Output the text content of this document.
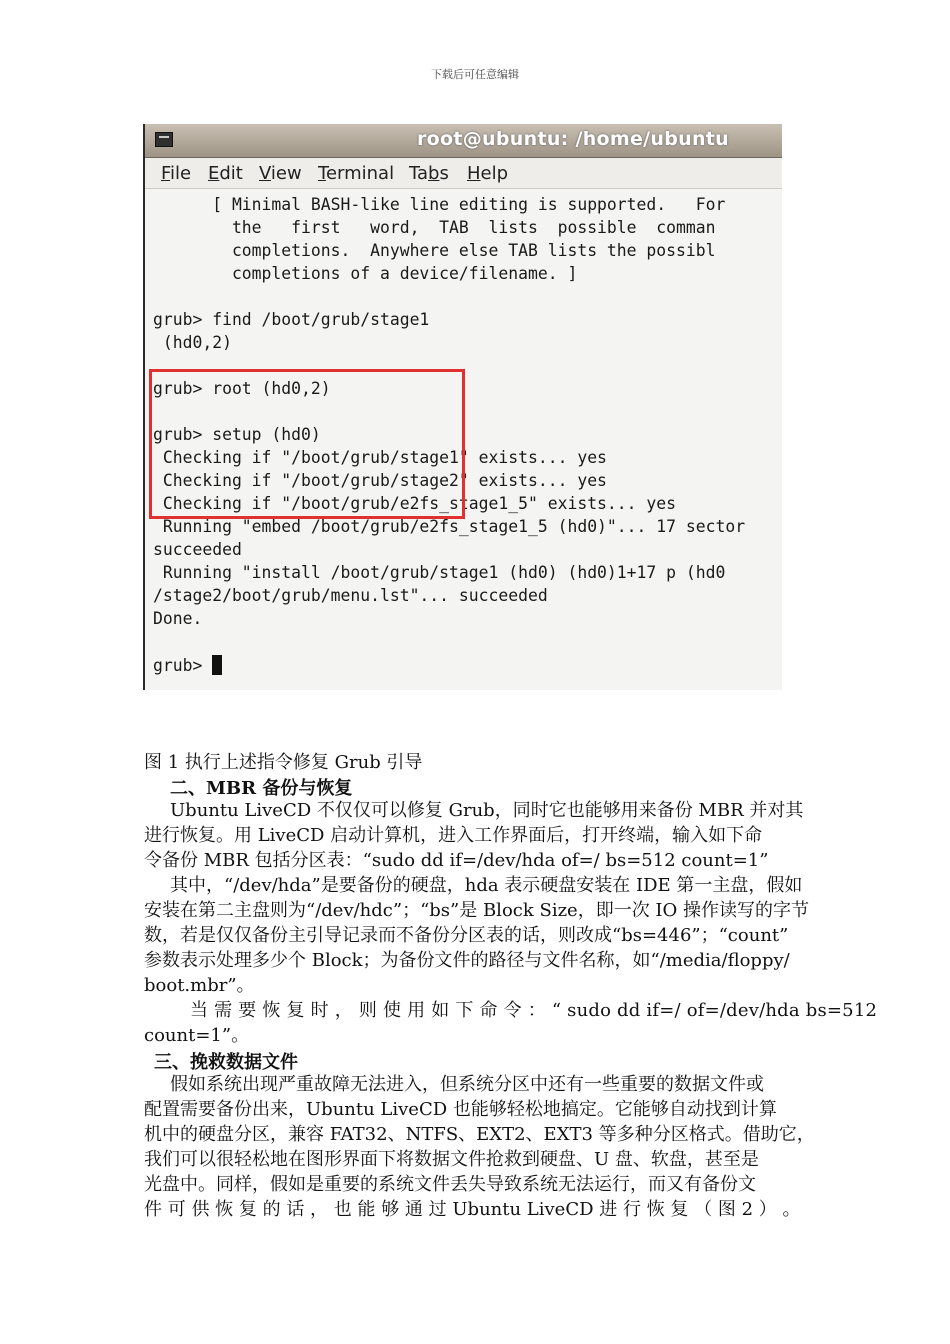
下载后可任意编辑
root@ubuntu: /home/ubuntu
File Edit View Terminal Tabs Help

[ Minimal BASH-like line editing is supported.   For

the   first   word,  TAB  lists  possible  comman

completions.  Anywhere else TAB lists the possibl

completions of a device/filename. ]

grub> find /boot/grub/stage1

(hd0,2)

grub> root (hd0,2)

grub> setup (hd0)

Checking if "/boot/grub/stage1" exists... yes

Checking if "/boot/grub/stage2" exists... yes

Checking if "/boot/grub/e2fs_stage1_5" exists... yes

Running "embed /boot/grub/e2fs_stage1_5 (hd0)"... 17 sector

succeeded

Running "install /boot/grub/stage1 (hd0) (hd0)1+17 p (hd0

/stage2/boot/grub/menu.lst"... succeeded

Done.

grub>

图 1 执行上述指令修复 Grub 引导
二、MBR 备份与恢复
Ubuntu LiveCD 不仅仅可以修复 Grub，同时它也能够用来备份 MBR 并对其
进行恢复。用 LiveCD 启动计算机，进入工作界面后，打开终端，输入如下命
令备份 MBR 包括分区表：“sudo dd if=/dev/hda of=/ bs=512 count=1”
其中，“/dev/hda”是要备份的硬盘，hda 表示硬盘安装在 IDE 第一主盘，假如
安装在第二主盘则为“/dev/hdc”；“bs”是 Block Size，即一次 IO 操作读写的字节
数，若是仅仅备份主引导记录而不备份分区表的话，则改成“bs=446”；“count”
参数表示处理多少个 Block；为备份文件的路径与文件名称，如“/media/floppy/
boot.mbr”。
当 需 要 恢 复 时 ， 则 使 用 如 下 命 令 ： “ sudo dd if=/ of=/dev/hda bs=512
count=1”。
三、挽救数据文件
假如系统出现严重故障无法进入，但系统分区中还有一些重要的数据文件或
配置需要备份出来，Ubuntu LiveCD 也能够轻松地搞定。它能够自动找到计算
机中的硬盘分区，兼容 FAT32、NTFS、EXT2、EXT3 等多种分区格式。借助它，
我们可以很轻松地在图形界面下将数据文件抢救到硬盘、U 盘、软盘，甚至是
光盘中。同样，假如是重要的系统文件丢失导致系统无法运行，而又有备份文
件 可 供 恢 复 的 话 ， 也 能 够 通 过 Ubuntu LiveCD 进 行 恢 复 （ 图 2 ） 。
